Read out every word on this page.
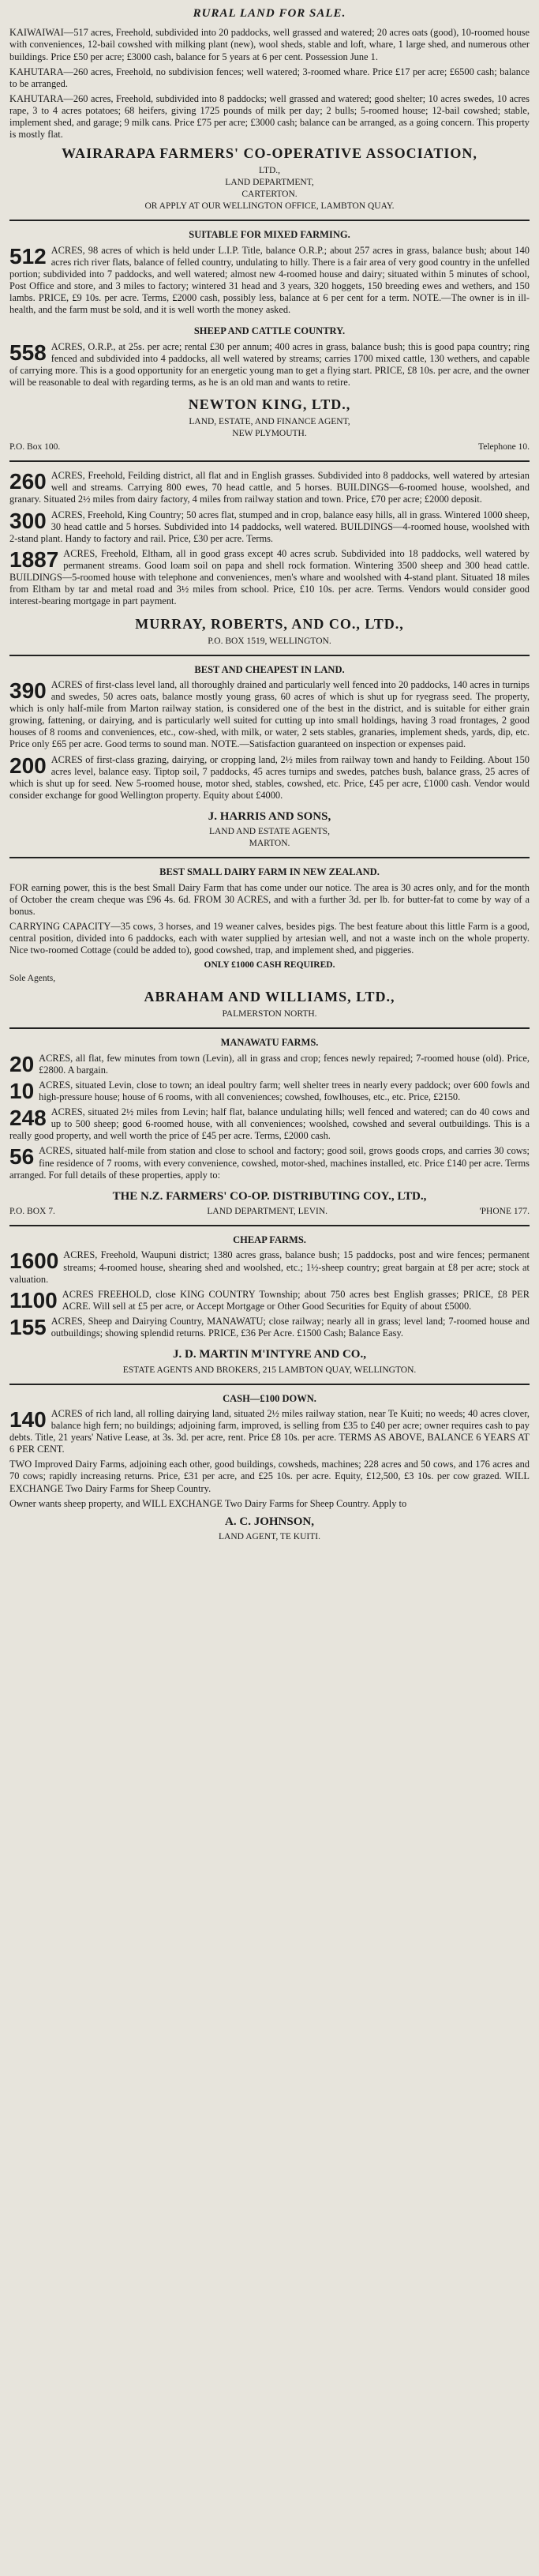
RURAL LAND FOR SALE.

KAIWAIWAI—517 acres, Freehold, subdivided into 20 paddocks, well grassed and watered; 20 acres oats (good), 10-roomed house with conveniences, 12-bail cowshed with milking plant (new), wool sheds, stable and loft, whare, 1 large shed, and numerous other buildings. Price £50 per acre; £3000 cash, balance for 5 years at 6 per cent. Possession June 1.

KAHUTARA—260 acres, Freehold, no subdivision fences; well watered; 3-roomed whare. Price £17 per acre; £6500 cash; balance to be arranged.

KAHUTARA—260 acres, Freehold, subdivided into 8 paddocks; well grassed and watered; good shelter; 10 acres swedes, 10 acres rape, 3 to 4 acres potatoes; 68 heifers, giving 1725 pounds of milk per day; 2 bulls; 5-roomed house; 12-bail cowshed; stable, implement shed, and garage; 9 milk cans. Price £75 per acre; £3000 cash; balance can be arranged, as a going concern. This property is mostly flat.

WAIRARAPA FARMERS' CO-OPERATIVE ASSOCIATION,
LTD.,
LAND DEPARTMENT,
CARTERTON.
OR APPLY AT OUR WELLINGTON OFFICE, LAMBTON QUAY.
SUITABLE FOR MIXED FARMING.

512 ACRES, 98 acres of which is held under L.I.P. Title, balance O.R.P.; about 257 acres in grass, balance bush; about 140 acres rich river flats, balance of felled country, undulating to hilly. There is a fair area of very good country in the unfelled portion; subdivided into 7 paddocks, and well watered; almost new 4-roomed house and dairy; situated within 5 minutes of school, Post Office and store, and 3 miles to factory; wintered 31 head and 3 years, 320 hoggets, 150 breeding ewes and wethers, and 150 lambs. PRICE, £9 10s. per acre. Terms, £2000 cash, possibly less, balance at 6 per cent for a term. NOTE.—The owner is in ill-health, and the farm must be sold, and it is well worth the money asked.

SHEEP AND CATTLE COUNTRY.

558 ACRES, O.R.P., at 25s. per acre; rental £30 per annum; 400 acres in grass, balance bush; this is good papa country; ring fenced and subdivided into 4 paddocks, all well watered by streams; carries 1700 mixed cattle, 130 wethers, and capable of carrying more. This is a good opportunity for an energetic young man to get a flying start. PRICE, £8 10s. per acre, and the owner will be reasonable to deal with regarding terms, as he is an old man and wants to retire.

NEWTON KING, LTD.,
LAND, ESTATE, AND FINANCE AGENT,
NEW PLYMOUTH.
P.O. Box 100.	Telephone 10.

260 ACRES, Freehold, Feilding district, all flat and in English grasses. Subdivided into 8 paddocks, well watered by artesian well and streams. Carrying 800 ewes, 70 head cattle, and 5 horses. BUILDINGS—6-roomed house, woolshed, and granary. Situated 2½ miles from dairy factory, 4 miles from railway station and town. Price, £70 per acre; £2000 deposit.

300 ACRES, Freehold, King Country; 50 acres flat, stumped and in crop, balance easy hills, all in grass. Wintered 1000 sheep, 30 head cattle and 5 horses. Subdivided into 14 paddocks, well watered. BUILDINGS—4-roomed house, woolshed with 2-stand plant. Handy to factory and rail. Price, £30 per acre. Terms.

1887 ACRES, Freehold, Eltham, all in good grass except 40 acres scrub. Subdivided into 18 paddocks, well watered by permanent streams. Good loam soil on papa and shell rock formation. Wintering 3500 sheep and 300 head cattle. BUILDINGS—5-roomed house with telephone and conveniences, men's whare and woolshed with 4-stand plant. Situated 18 miles from Eltham by tar and metal road and 3½ miles from school. Price, £10 10s. per acre. Terms. Vendors would consider good interest-bearing mortgage in part payment.

MURRAY, ROBERTS, AND CO., LTD.,
P.O. BOX 1519, WELLINGTON.
BEST AND CHEAPEST IN LAND.

390 ACRES of first-class level land, all thoroughly drained and particularly well fenced into 20 paddocks, 140 acres in turnips and swedes, 50 acres oats, balance mostly young grass, 60 acres of which is shut up for ryegrass seed. The property, which is only half-mile from Marton railway station, is considered one of the best in the district, and is suitable for either grain growing, fattening, or dairying, and is particularly well suited for cutting up into small holdings, having 3 road frontages, 2 good houses of 8 rooms and conveniences, etc., cow-shed, with milk, or water, 2 sets stables, granaries, implement sheds, yards, dip, etc. Price only £65 per acre. Good terms to sound man. NOTE.—Satisfaction guaranteed on inspection or expenses paid.

200 ACRES of first-class grazing, dairying, or cropping land, 2½ miles from railway town and handy to Feilding. About 150 acres level, balance easy. Tiptop soil, 7 paddocks, 45 acres turnips and swedes, patches bush, balance grass, 25 acres of which is shut up for seed. New 5-roomed house, motor shed, stables, cowshed, etc. Price, £45 per acre, £1000 cash. Vendor would consider exchange for good Wellington property. Equity about £4000.

J. HARRIS AND SONS,
LAND AND ESTATE AGENTS,
MARTON.
BEST SMALL DAIRY FARM IN NEW ZEALAND.

FOR earning power, this is the best Small Dairy Farm that has come under our notice. The area is 30 acres only, and for the month of October the cream cheque was £96 4s. 6d. FROM 30 ACRES, and with a further 3d. per lb. for butter-fat to come by way of a bonus.

CARRYING CAPACITY—35 cows, 3 horses, and 19 weaner calves, besides pigs. The best feature about this little Farm is a good, central position, divided into 6 paddocks, each with water supplied by artesian well, and not a waste inch on the whole property. Nice two-roomed Cottage (could be added to), good cowshed, trap, and implement shed, and piggeries.

ONLY £1000 CASH REQUIRED.
Sole Agents,
ABRAHAM AND WILLIAMS, LTD.,
PALMERSTON NORTH.
MANAWATU FARMS.

20 ACRES, all flat, few minutes from town (Levin), all in grass and crop; fences newly repaired; 7-roomed house (old). Price, £2800. A bargain.

10 ACRES, situated Levin, close to town; an ideal poultry farm; well shelter trees in nearly every paddock; over 600 fowls and high-pressure house; house of 6 rooms, with all conveniences; cowshed, fowlhouses, etc., etc. Price, £2150.

248 ACRES, situated 2½ miles from Levin; half flat, balance undulating hills; well fenced and watered; can do 40 cows and up to 500 sheep; good 6-roomed house, with all conveniences; woolshed, cowshed and several outbuildings. This is a really good property, and well worth the price of £45 per acre. Terms, £2000 cash.

56 ACRES, situated half-mile from station and close to school and factory; good soil, grows goods crops, and carries 30 cows; fine residence of 7 rooms, with every convenience, cowshed, motor-shed, machines installed, etc. Price £140 per acre. Terms arranged. For full details of these properties, apply to:

THE N.Z. FARMERS' CO-OP. DISTRIBUTING COY., LTD.,
P.O. BOX 7.	LAND DEPARTMENT, LEVIN.	'PHONE 177.
CHEAP FARMS.

1600 ACRES, Freehold, Waupuni district; 1380 acres grass, balance bush; 15 paddocks, post and wire fences; permanent streams; 4-roomed house, shearing shed and woolshed, etc.; 1½-sheep country; great bargain at £8 per acre; stock at valuation.

1100 ACRES FREEHOLD, close KING COUNTRY Township; about 750 acres best English grasses; PRICE, £8 PER ACRE. Will sell at £5 per acre, or Accept Mortgage or Other Good Securities for Equity of about £5000.

155 ACRES, Sheep and Dairying Country, MANAWATU; close railway; nearly all in grass; level land; 7-roomed house and outbuildings; showing splendid returns. PRICE, £36 Per Acre. £1500 Cash; Balance Easy.

J. D. MARTIN M'INTYRE AND CO.,
ESTATE AGENTS AND BROKERS, 215 LAMBTON QUAY, WELLINGTON.
CASH—£100 DOWN.

140 ACRES of rich land, all rolling dairying land, situated 2½ miles railway station, near Te Kuiti; no weeds; 40 acres clover, balance high fern; no buildings; adjoining farm, improved, is selling from £35 to £40 per acre; owner requires cash to pay debts. Title, 21 years' Native Lease, at 3s. 3d. per acre, rent. Price £8 10s. per acre. TERMS AS ABOVE, BALANCE 6 YEARS AT 6 PER CENT.

TWO Improved Dairy Farms, adjoining each other, good buildings, cowsheds, machines; 228 acres and 50 cows, and 176 acres and 70 cows; rapidly increasing returns. Price, £31 per acre, and £25 10s. per acre. Equity, £12,500, £3 10s. per cow grazed. WILL EXCHANGE Two Dairy Farms for Sheep Country.

Owner wants sheep property, and WILL EXCHANGE Two Dairy Farms for Sheep Country. Apply to

A. C. JOHNSON,
LAND AGENT, TE KUITI.
